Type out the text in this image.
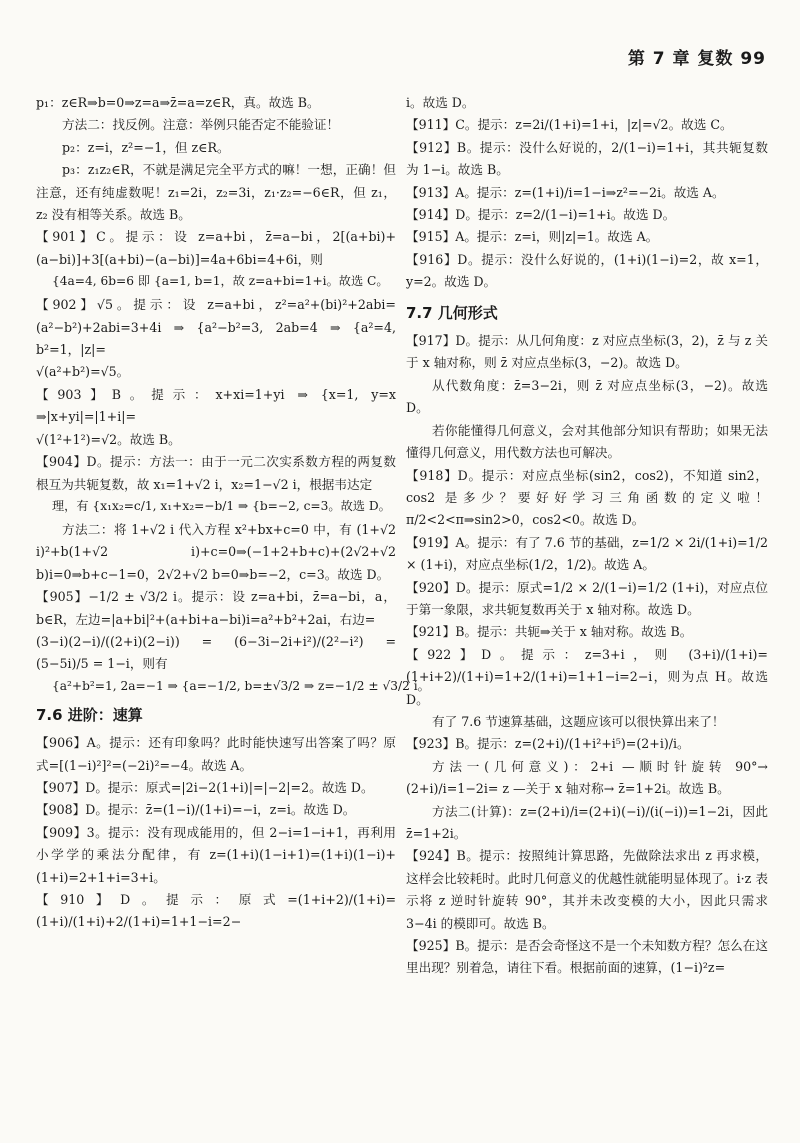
第 7 章 复数 99

p₁：z∈R⇒b=0⇒z=a⇒z̄=a=z∈R，真。故选 B。

方法二：找反例。注意：举例只能否定不能验证！

p₂：z=i，z²=−1，但 z∈R。

p₃：z₁z₂∈R，不就是满足完全平方式的嘛！一想，正确！但注意，还有纯虚数呢！z₁=2i，z₂=3i，z₁·z₂=−6∈R，但 z₁，z₂ 没有相等关系。故选 B。

【901】C。提示：设 z=a+bi，z̄=a−bi，2[(a+bi)+(a−bi)]+3[(a+bi)−(a−bi)]=4a+6bi=4+6i，则

{4a=4, 6b=6 即 {a=1, b=1，故 z=a+bi=1+i。故选 C。

【902】√5。提示：设 z=a+bi，z²=a²+(bi)²+2abi=(a²−b²)+2abi=3+4i ⇒ {a²−b²=3, 2ab=4 ⇒ {a²=4, b²=1，|z|=

√(a²+b²)=√5。

【903】B。提示：x+xi=1+yi ⇒ {x=1, y=x ⇒|x+yi|=|1+i|=

√(1²+1²)=√2。故选 B。

【904】D。提示：方法一：由于一元二次实系数方程的两复数根互为共轭复数，故 x₁=1+√2 i，x₂=1−√2 i，根据韦达定

理，有 {x₁x₂=c/1, x₁+x₂=−b/1 ⇒ {b=−2, c=3。故选 D。

方法二：将 1+√2 i 代入方程 x²+bx+c=0 中，有 (1+√2 i)²+b(1+√2 i)+c=0⇒(−1+2+b+c)+(2√2+√2 b)i=0⇒b+c−1=0，2√2+√2 b=0⇒b=−2，c=3。故选 D。

【905】−1/2 ± √3/2 i。提示：设 z=a+bi，z̄=a−bi，a，b∈R，左边=|a+bi|²+(a+bi+a−bi)i=a²+b²+2ai，右边=

(3−i)(2−i)/((2+i)(2−i)) = (6−3i−2i+i²)/(2²−i²) = (5−5i)/5 = 1−i，则有

{a²+b²=1, 2a=−1 ⇒ {a=−1/2, b=±√3/2 ⇒ z=−1/2 ± √3/2 i。

7.6 进阶：速算

【906】A。提示：还有印象吗？此时能快速写出答案了吗？原式=[(1−i)²]²=(−2i)²=−4。故选 A。

【907】D。提示：原式=|2i−2(1+i)|=|−2|=2。故选 D。

【908】D。提示：z̄=(1−i)/(1+i)=−i，z=i。故选 D。

【909】3。提示：没有现成能用的，但 2−i=1−i+1，再利用小学学的乘法分配律，有 z=(1+i)(1−i+1)=(1+i)(1−i)+(1+i)=2+1+i=3+i。

【910】D。提示：原式=(1+i+2)/(1+i)=(1+i)/(1+i)+2/(1+i)=1+1−i=2−

i。故选 D。

【911】C。提示：z=2i/(1+i)=1+i，|z|=√2。故选 C。

【912】B。提示：没什么好说的，2/(1−i)=1+i，其共轭复数为 1−i。故选 B。

【913】A。提示：z=(1+i)/i=1−i⇒z²=−2i。故选 A。

【914】D。提示：z=2/(1−i)=1+i。故选 D。

【915】A。提示：z=i，则|z|=1。故选 A。

【916】D。提示：没什么好说的，(1+i)(1−i)=2，故 x=1，y=2。故选 D。

7.7 几何形式

【917】D。提示：从几何角度：z 对应点坐标(3，2)，z̄ 与 z 关于 x 轴对称，则 z̄ 对应点坐标(3，−2)。故选 D。

从代数角度：z̄=3−2i，则 z̄ 对应点坐标(3，−2)。故选 D。

若你能懂得几何意义，会对其他部分知识有帮助；如果无法懂得几何意义，用代数方法也可解决。

【918】D。提示：对应点坐标(sin2，cos2)，不知道 sin2，cos2 是多少？要好好学习三角函数的定义啦！π/2<2<π⇒sin2>0，cos2<0。故选 D。

【919】A。提示：有了 7.6 节的基础，z=1/2 × 2i/(1+i)=1/2 × (1+i)，对应点坐标(1/2，1/2)。故选 A。

【920】D。提示：原式=1/2 × 2/(1−i)=1/2 (1+i)，对应点位于第一象限，求共轭复数再关于 x 轴对称。故选 D。

【921】B。提示：共轭⇒关于 x 轴对称。故选 B。

【922】D。提示：z=3+i，则 (3+i)/(1+i)=(1+i+2)/(1+i)=1+2/(1+i)=1+1−i=2−i，则为点 H。故选 D。

有了 7.6 节速算基础，这题应该可以很快算出来了！

【923】B。提示：z=(2+i)/(1+i²+i⁵)=(2+i)/i。

方法一(几何意义)：2+i —顺时针旋转 90°→ (2+i)/i=1−2i= z —关于 x 轴对称→ z̄=1+2i。故选 B。

方法二(计算)：z=(2+i)/i=(2+i)(−i)/(i(−i))=1−2i，因此 z̄=1+2i。

【924】B。提示：按照纯计算思路，先做除法求出 z 再求模，这样会比较耗时。此时几何意义的优越性就能明显体现了。i·z 表示将 z 逆时针旋转 90°，其并未改变模的大小，因此只需求 3−4i 的模即可。故选 B。

【925】B。提示：是否会奇怪这不是一个未知数方程？怎么在这里出现？别着急，请往下看。根据前面的速算，(1−i)²z=
